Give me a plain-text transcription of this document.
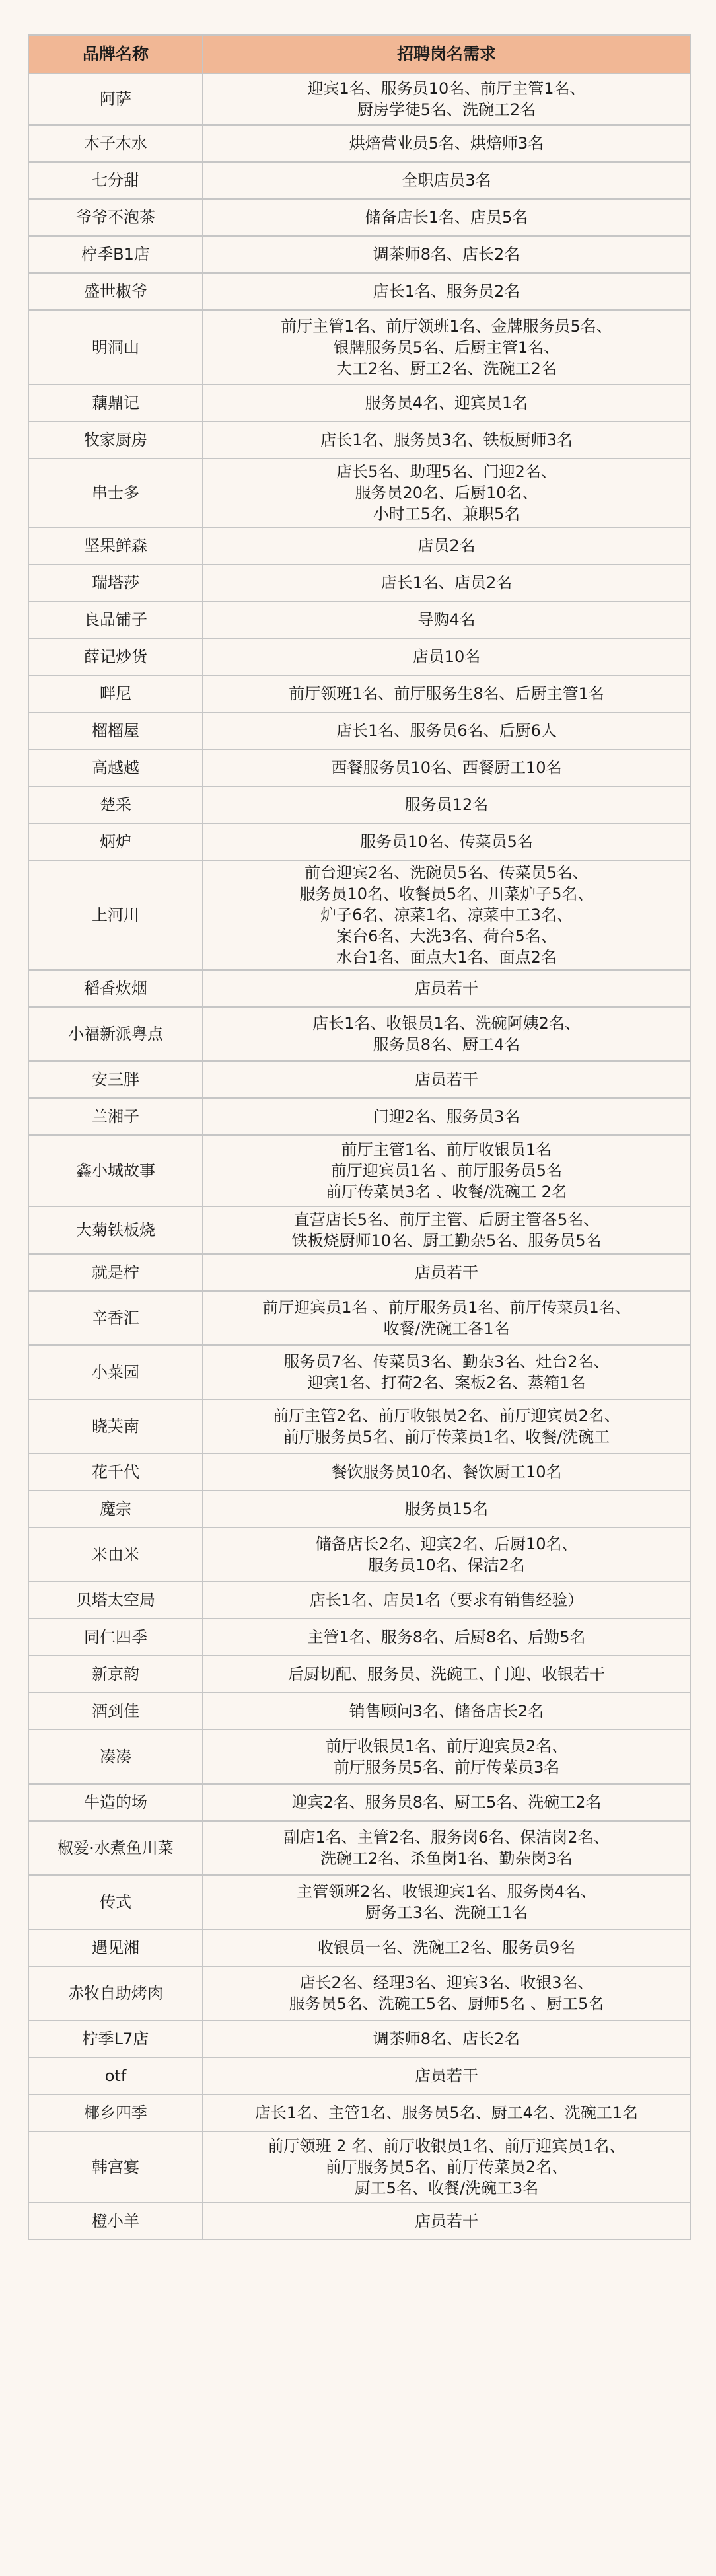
品牌名称	招聘岗名需求
阿萨	迎宾1名、服务员10名、前厅主管1名、
厨房学徒5名、洗碗工2名

木子木水	烘焙营业员5名、烘焙师3名

七分甜	全职店员3名

爷爷不泡茶	储备店长1名、店员5名

柠季B1店	调茶师8名、店长2名

盛世椒爷	店长1名、服务员2名

明洞山	前厅主管1名、前厅领班1名、金牌服务员5名、
银牌服务员5名、后厨主管1名、
大工2名、厨工2名、洗碗工2名

藕鼎记	服务员4名、迎宾员1名

牧家厨房	店长1名、服务员3名、铁板厨师3名

串士多	店长5名、助理5名、门迎2名、
服务员20名、后厨10名、
小时工5名、兼职5名

坚果鲜森	店员2名

瑞塔莎	店长1名、店员2名

良品铺子	导购4名

薛记炒货	店员10名

畔尼	前厅领班1名、前厅服务生8名、后厨主管1名

榴榴屋	店长1名、服务员6名、后厨6人

高越越	西餐服务员10名、西餐厨工10名

楚采	服务员12名

炳炉	服务员10名、传菜员5名

上河川	前台迎宾2名、洗碗员5名、传菜员5名、
服务员10名、收餐员5名、川菜炉子5名、
炉子6名、凉菜1名、凉菜中工3名、
案台6名、大洗3名、荷台5名、
水台1名、面点大1名、面点2名

稻香炊烟	店员若干

小福新派粤点	店长1名、收银员1名、洗碗阿姨2名、
服务员8名、厨工4名

安三胖	店员若干

兰湘子	门迎2名、服务员3名

鑫小城故事	前厅主管1名、前厅收银员1名
前厅迎宾员1名 、前厅服务员5名
前厅传菜员3名 、收餐/洗碗工 2名

大菊铁板烧	直营店长5名、前厅主管、后厨主管各5名、
铁板烧厨师10名、厨工勤杂5名、服务员5名

就是柠	店员若干

辛香汇	前厅迎宾员1名 、前厅服务员1名、前厅传菜员1名、
收餐/洗碗工各1名

小菜园	服务员7名、传菜员3名、勤杂3名、灶台2名、
迎宾1名、打荷2名、案板2名、蒸箱1名

晓芙南	前厅主管2名、前厅收银员2名、前厅迎宾员2名、
前厅服务员5名、前厅传菜员1名、收餐/洗碗工

花千代	餐饮服务员10名、餐饮厨工10名

魔宗	服务员15名

米由米	储备店长2名、迎宾2名、后厨10名、
服务员10名、保洁2名

贝塔太空局	店长1名、店员1名（要求有销售经验）

同仁四季	主管1名、服务8名、后厨8名、后勤5名

新京韵	后厨切配、服务员、洗碗工、门迎、收银若干

酒到佳	销售顾问3名、储备店长2名

凑凑	前厅收银员1名、前厅迎宾员2名、
前厅服务员5名、前厅传菜员3名

牛造的场	迎宾2名、服务员8名、厨工5名、洗碗工2名

椒爱·水煮鱼川菜	副店1名、主管2名、服务岗6名、保洁岗2名、
洗碗工2名、杀鱼岗1名、勤杂岗3名

传式	主管领班2名、收银迎宾1名、服务岗4名、
厨务工3名、洗碗工1名

遇见湘	收银员一名、洗碗工2名、服务员9名

赤牧自助烤肉	店长2名、经理3名、迎宾3名、收银3名、
服务员5名、洗碗工5名、厨师5名 、厨工5名

柠季L7店	调茶师8名、店长2名

otf	店员若干

椰乡四季	店长1名、主管1名、服务员5名、厨工4名、洗碗工1名

韩宫宴	前厅领班 2 名、前厅收银员1名、前厅迎宾员1名、
前厅服务员5名、前厅传菜员2名、
厨工5名、收餐/洗碗工3名

橙小羊	店员若干
